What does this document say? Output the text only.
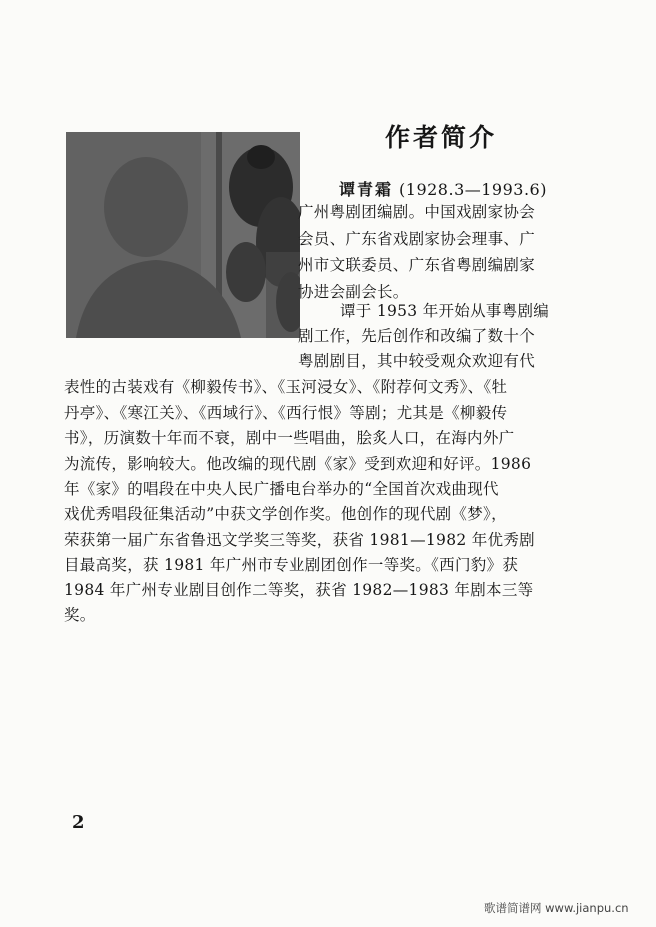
作者简介
谭青霜 (1928.3—1993.6)
广州粤剧团编剧。中国戏剧家协会
会员、广东省戏剧家协会理事、广
州市文联委员、广东省粤剧编剧家
协进会副会长。
谭于 1953 年开始从事粤剧编
剧工作，先后创作和改编了数十个
粤剧剧目，其中较受观众欢迎有代
表性的古装戏有《柳毅传书》、《玉河浸女》、《附荐何文秀》、《牡
丹亭》、《寒江关》、《西域行》、《西行恨》等剧；尤其是《柳毅传
书》，历演数十年而不衰，剧中一些唱曲，脍炙人口，在海内外广
为流传，影响较大。他改编的现代剧《家》受到欢迎和好评。1986
年《家》的唱段在中央人民广播电台举办的“全国首次戏曲现代
戏优秀唱段征集活动”中获文学创作奖。他创作的现代剧《梦》，
荣获第一届广东省鲁迅文学奖三等奖，获省 1981—1982 年优秀剧
目最高奖，获 1981 年广州市专业剧团创作一等奖。《西门豹》获
1984 年广州专业剧目创作二等奖，获省 1982—1983 年剧本三等
奖。
2
歌谱简谱网 www.jianpu.cn
